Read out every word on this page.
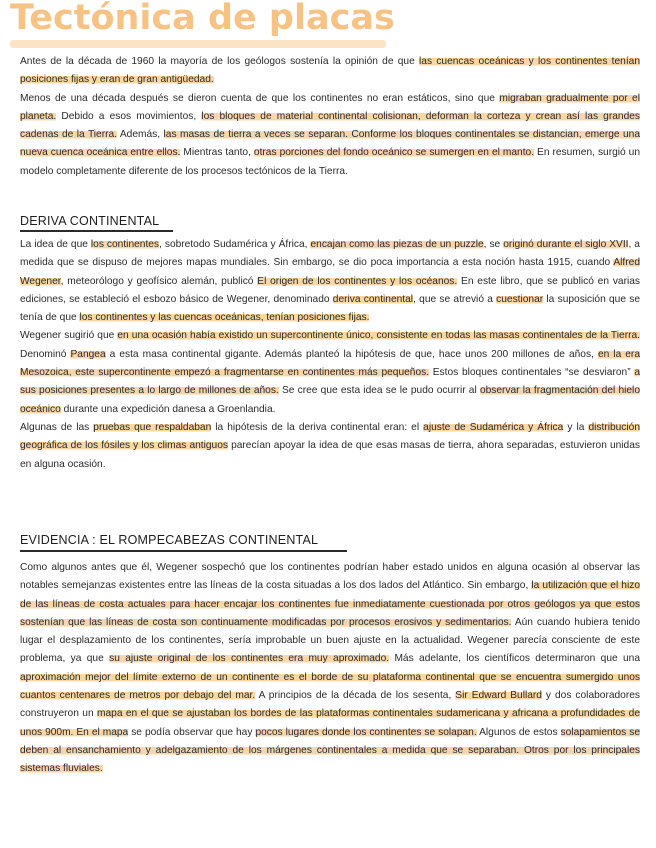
Tectónica de placas

Antes de la década de 1960 la mayoría de los geólogos sostenía la opinión de que las cuencas oceánicas y los continentes tenían posiciones fijas y eran de gran antigüedad.

Menos de una década después se dieron cuenta de que los continentes no eran estáticos, sino que migraban gradualmente por el planeta. Debido a esos movimientos, los bloques de material continental colisionan, deforman la corteza y crean así las grandes cadenas de la Tierra. Además, las masas de tierra a veces se separan. Conforme los bloques continentales se distancian, emerge una nueva cuenca oceánica entre ellos. Mientras tanto, otras porciones del fondo oceánico se sumergen en el manto. En resumen, surgió un modelo completamente diferente de los procesos tectónicos de la Tierra.

DERIVA CONTINENTAL

La idea de que los continentes, sobretodo Sudamérica y África, encajan como las piezas de un puzzle, se originó durante el siglo XVII, a medida que se dispuso de mejores mapas mundiales. Sin embargo, se dio poca importancia a esta noción hasta 1915, cuando Alfred Wegener, meteorólogo y geofísico alemán, publicó El origen de los continentes y los océanos. En este libro, que se publicó en varias ediciones, se estableció el esbozo básico de Wegener, denominado deriva continental, que se atrevió a cuestionar la suposición que se tenía de que los continentes y las cuencas oceánicas, tenían posiciones fijas.

Wegener sugirió que en una ocasión había existido un supercontinente único, consistente en todas las masas continentales de la Tierra. Denominó Pangea a esta masa continental gigante. Además planteó la hipótesis de que, hace unos 200 millones de años, en la era Mesozoica, este supercontinente empezó a fragmentarse en continentes más pequeños. Estos bloques continentales “se desviaron” a sus posiciones presentes a lo largo de millones de años. Se cree que esta idea se le pudo ocurrir al observar la fragmentación del hielo oceánico durante una expedición danesa a Groenlandia.

Algunas de las pruebas que respaldaban la hipótesis de la deriva continental eran: el ajuste de Sudamérica y África y la distribución geográfica de los fósiles y los climas antiguos parecían apoyar la idea de que esas masas de tierra, ahora separadas, estuvieron unidas en alguna ocasión.

EVIDENCIA : EL ROMPECABEZAS CONTINENTAL

Como algunos antes que él, Wegener sospechó que los continentes podrían haber estado unidos en alguna ocasión al observar las notables semejanzas existentes entre las líneas de la costa situadas a los dos lados del Atlántico. Sin embargo, la utilización que el hizo de las líneas de costa actuales para hacer encajar los continentes fue inmediatamente cuestionada por otros geólogos ya que estos sostenían que las líneas de costa son continuamente modificadas por procesos erosivos y sedimentarios. Aún cuando hubiera tenido lugar el desplazamiento de los continentes, sería improbable un buen ajuste en la actualidad. Wegener parecía consciente de este problema, ya que su ajuste original de los continentes era muy aproximado. Más adelante, los científicos determinaron que una aproximación mejor del límite externo de un continente es el borde de su plataforma continental que se encuentra sumergido unos cuantos centenares de metros por debajo del mar. A principios de la década de los sesenta, Sir Edward Bullard y dos colaboradores construyeron un mapa en el que se ajustaban los bordes de las plataformas continentales sudamericana y africana a profundidades de unos 900m. En el mapa se podía observar que hay pocos lugares donde los continentes se solapan. Algunos de estos solapamientos se deben al ensanchamiento y adelgazamiento de los márgenes continentales a medida que se separaban. Otros por los principales sistemas fluviales.
